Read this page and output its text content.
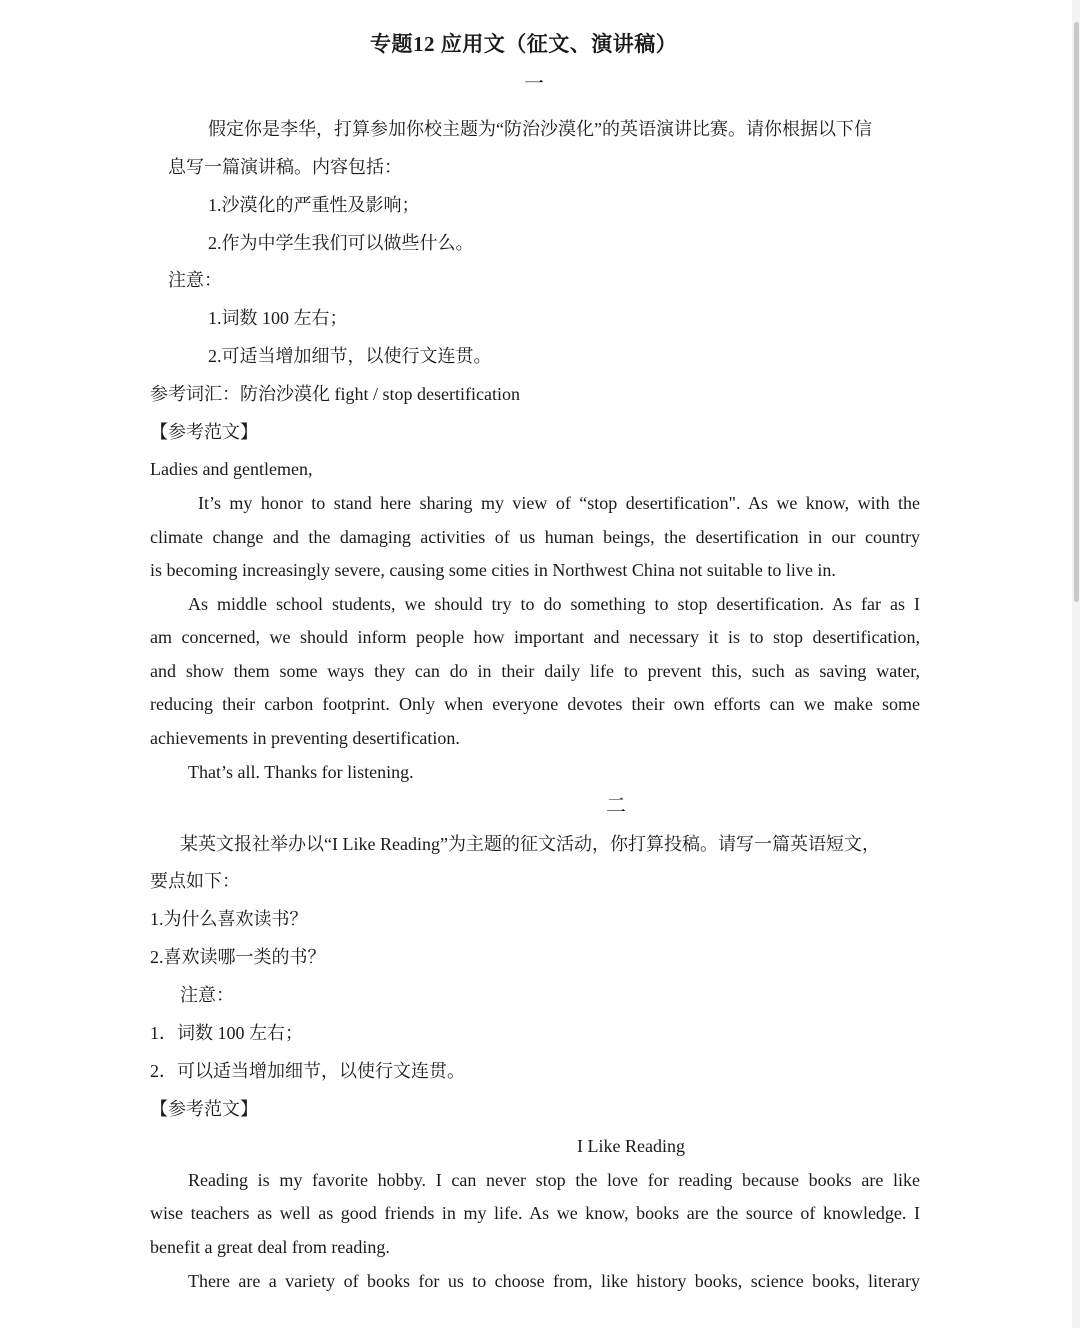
专题12 应用文（征文、演讲稿）
一
假定你是李华，打算参加你校主题为“防治沙漠化”的英语演讲比赛。请你根据以下信
息写一篇演讲稿。内容包括：
1.沙漠化的严重性及影响；
2.作为中学生我们可以做些什么。
注意：
1.词数 100 左右；
2.可适当增加细节，以使行文连贯。
参考词汇：防治沙漠化 fight / stop desertification
【参考范文】
Ladies and gentlemen,
It’s my honor to stand here sharing my view of “stop desertification". As we know, with the
climate change and the damaging activities of us human beings, the desertification in our country
is becoming increasingly severe, causing some cities in Northwest China not suitable to live in.
As middle school students, we should try to do something to stop desertification. As far as I
am concerned, we should inform people how important and necessary it is to stop desertification,
and show them some ways they can do in their daily life to prevent this, such as saving water,
reducing their carbon footprint. Only when everyone devotes their own efforts can we make some
achievements in preventing desertification.
That’s all. Thanks for listening.
二
某英文报社举办以“I Like Reading”为主题的征文活动，你打算投稿。请写一篇英语短文，
要点如下：
1.为什么喜欢读书？
2.喜欢读哪一类的书？
注意：
1．词数 100 左右；
2．可以适当增加细节，以使行文连贯。
【参考范文】
I Like Reading
Reading is my favorite hobby. I can never stop the love for reading because books are like
wise teachers as well as good friends in my life. As we know, books are the source of knowledge. I
benefit a great deal from reading.
There are a variety of books for us to choose from, like history books, science books, literary
